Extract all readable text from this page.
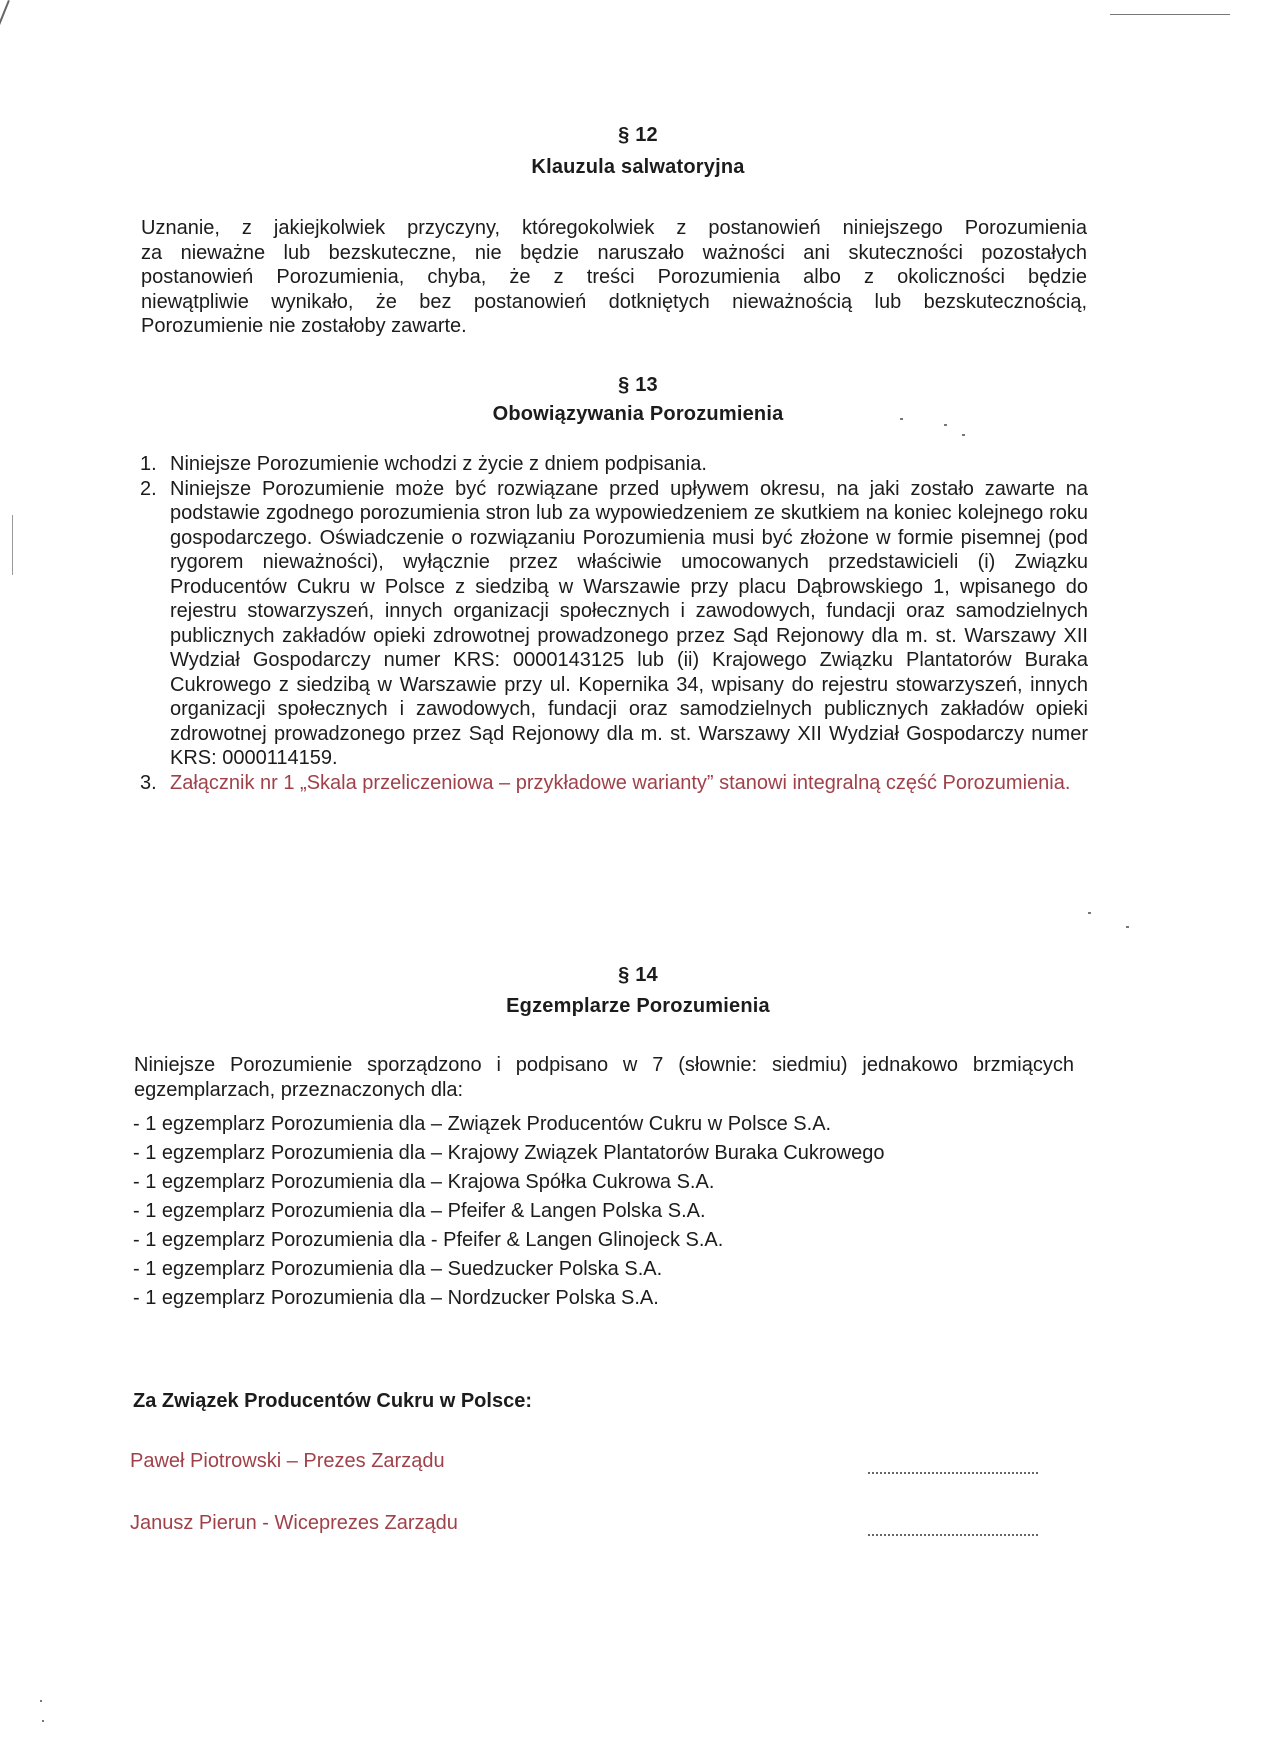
§ 12
Klauzula salwatoryjna
Uznanie, z jakiejkolwiek przyczyny, któregokolwiek z postanowień niniejszego Porozumienia
za nieważne lub bezskuteczne, nie będzie naruszało ważności ani skuteczności pozostałych
postanowień Porozumienia, chyba, że z treści Porozumienia albo z okoliczności będzie
niewątpliwie wynikało, że bez postanowień dotkniętych nieważnością lub bezskutecznością,
Porozumienie nie zostałoby zawarte.
§ 13
Obowiązywania Porozumienia
1. Niniejsze Porozumienie wchodzi z życie z dniem podpisania.
2. Niniejsze Porozumienie może być rozwiązane przed upływem okresu, na jaki zostało zawarte na podstawie zgodnego porozumienia stron lub za wypowiedzeniem ze skutkiem na koniec kolejnego roku gospodarczego. Oświadczenie o rozwiązaniu Porozumienia musi być złożone w formie pisemnej (pod rygorem nieważności), wyłącznie przez właściwie umocowanych przedstawicieli (i) Związku Producentów Cukru w Polsce z siedzibą w Warszawie przy placu Dąbrowskiego 1, wpisanego do rejestru stowarzyszeń, innych organizacji społecznych i zawodowych, fundacji oraz samodzielnych publicznych zakładów opieki zdrowotnej prowadzonego przez Sąd Rejonowy dla m. st. Warszawy XII Wydział Gospodarczy numer KRS: 0000143125 lub (ii) Krajowego Związku Plantatorów Buraka Cukrowego z siedzibą w Warszawie przy ul. Kopernika 34, wpisany do rejestru stowarzyszeń, innych organizacji społecznych i zawodowych, fundacji oraz samodzielnych publicznych zakładów opieki zdrowotnej prowadzonego przez Sąd Rejonowy dla m. st. Warszawy XII Wydział Gospodarczy numer KRS: 0000114159.
3. Załącznik nr 1 „Skala przeliczeniowa – przykładowe warianty” stanowi integralną część Porozumienia.
§ 14
Egzemplarze Porozumienia
Niniejsze Porozumienie sporządzono i podpisano w 7 (słownie: siedmiu) jednakowo brzmiących egzemplarzach, przeznaczonych dla:
- 1 egzemplarz Porozumienia dla – Związek Producentów Cukru w Polsce S.A.
- 1 egzemplarz Porozumienia dla – Krajowy Związek Plantatorów Buraka Cukrowego
- 1 egzemplarz Porozumienia dla – Krajowa Spółka Cukrowa S.A.
- 1 egzemplarz Porozumienia dla – Pfeifer & Langen Polska S.A.
- 1 egzemplarz Porozumienia dla - Pfeifer & Langen Glinojeck S.A.
- 1 egzemplarz Porozumienia dla – Suedzucker Polska S.A.
- 1 egzemplarz Porozumienia dla – Nordzucker Polska S.A.
Za Związek Producentów Cukru w Polsce:
Paweł Piotrowski – Prezes Zarządu
Janusz Pierun - Wiceprezes Zarządu
